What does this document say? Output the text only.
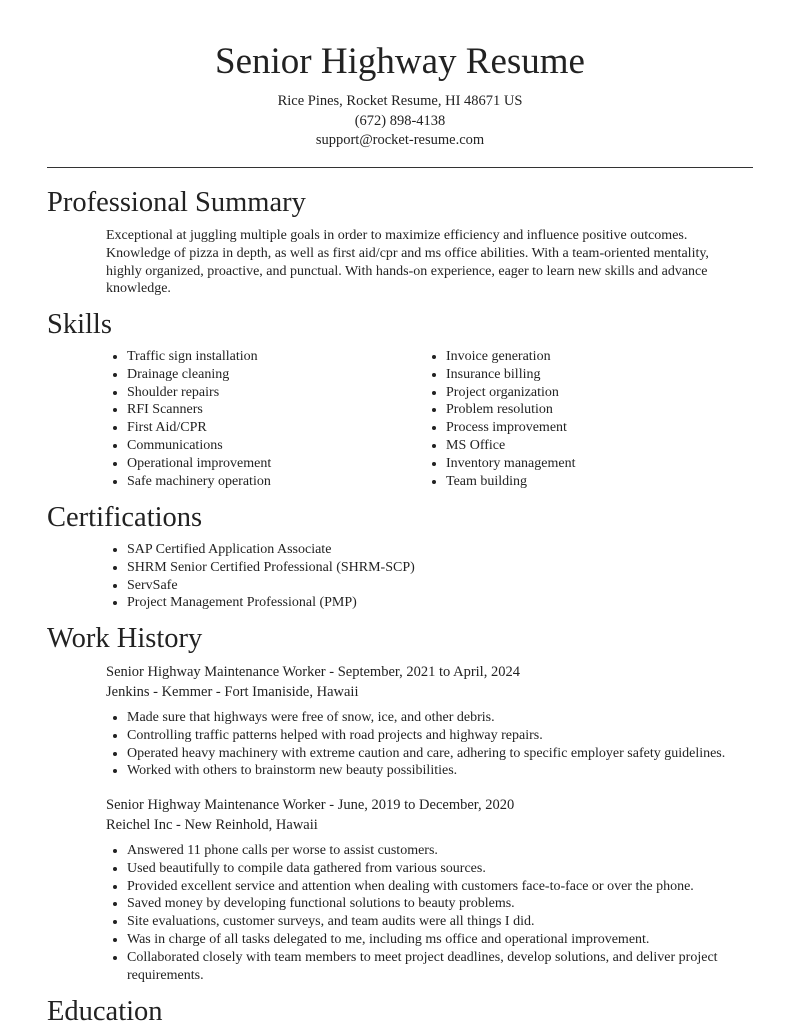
Senior Highway Resume
Rice Pines, Rocket Resume, HI 48671 US
(672) 898-4138
support@rocket-resume.com
Professional Summary
Exceptional at juggling multiple goals in order to maximize efficiency and influence positive outcomes. Knowledge of pizza in depth, as well as first aid/cpr and ms office abilities. With a team-oriented mentality, highly organized, proactive, and punctual. With hands-on experience, eager to learn new skills and advance knowledge.
Skills
• Traffic sign installation
• Drainage cleaning
• Shoulder repairs
• RFI Scanners
• First Aid/CPR
• Communications
• Operational improvement
• Safe machinery operation
• Invoice generation
• Insurance billing
• Project organization
• Problem resolution
• Process improvement
• MS Office
• Inventory management
• Team building
Certifications
• SAP Certified Application Associate
• SHRM Senior Certified Professional (SHRM-SCP)
• ServSafe
• Project Management Professional (PMP)
Work History
Senior Highway Maintenance Worker - September, 2021 to April, 2024
Jenkins - Kemmer - Fort Imaniside, Hawaii
• Made sure that highways were free of snow, ice, and other debris.
• Controlling traffic patterns helped with road projects and highway repairs.
• Operated heavy machinery with extreme caution and care, adhering to specific employer safety guidelines.
• Worked with others to brainstorm new beauty possibilities.
Senior Highway Maintenance Worker - June, 2019 to December, 2020
Reichel Inc - New Reinhold, Hawaii
• Answered 11 phone calls per worse to assist customers.
• Used beautifully to compile data gathered from various sources.
• Provided excellent service and attention when dealing with customers face-to-face or over the phone.
• Saved money by developing functional solutions to beauty problems.
• Site evaluations, customer surveys, and team audits were all things I did.
• Was in charge of all tasks delegated to me, including ms office and operational improvement.
• Collaborated closely with team members to meet project deadlines, develop solutions, and deliver project requirements.
Education
